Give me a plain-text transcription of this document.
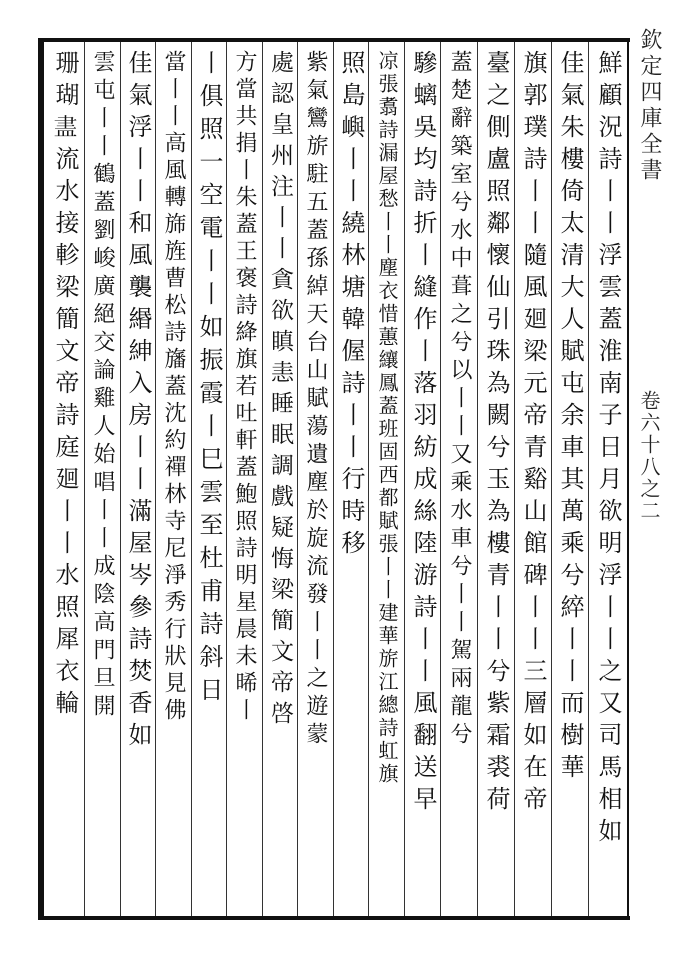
欽定四庫全書
卷六十八之二
鮮顧況詩丨丨浮雲蓋淮南子日月欲明浮丨丨之又司馬相如
佳氣朱樓倚太清大人賦屯余車其萬乘兮綷丨丨而樹華
旗郭璞詩丨丨隨風廻梁元帝青谿山館碑丨丨三層如在帝
臺之側盧照鄰懷仙引珠為闕兮玉為樓青丨丨兮紫霜裘荷
蓋楚辭築室兮水中葺之兮以丨丨又乘水車兮丨丨駕兩龍兮
驂螭吳均詩折丨縫作丨落羽紡成絲陸游詩丨丨風翻送早
凉張翥詩漏屋愁丨丨塵衣惜蕙纕鳳蓋班固西都賦張丨丨建華旂江總詩虹旗
照島嶼丨丨繞林塘韓偓詩丨丨行時移
紫氣鸞旂駐五蓋孫綽天台山賦蕩遺塵於旋流發丨丨之遊蒙
處認皇州注丨丨貪欲瞋恚睡眠調戲疑悔梁簡文帝啓
方當共捐丨朱蓋王褒詩絳旗若吐軒蓋鮑照詩明星晨未晞丨
丨俱照一空電丨丨如振霞丨巳雲至杜甫詩斜日
當丨丨高風轉旆旌曹松詩旛蓋沈約禪林寺尼淨秀行狀見佛
佳氣浮丨丨和風襲緡紳入房丨丨滿屋岑參詩焚香如
雲屯丨丨鶴蓋劉峻廣絕交論雞人始唱丨丨成陰高門旦開
珊瑚𥁞流水接軫梁簡文帝詩庭廻丨丨水照犀衣輪
